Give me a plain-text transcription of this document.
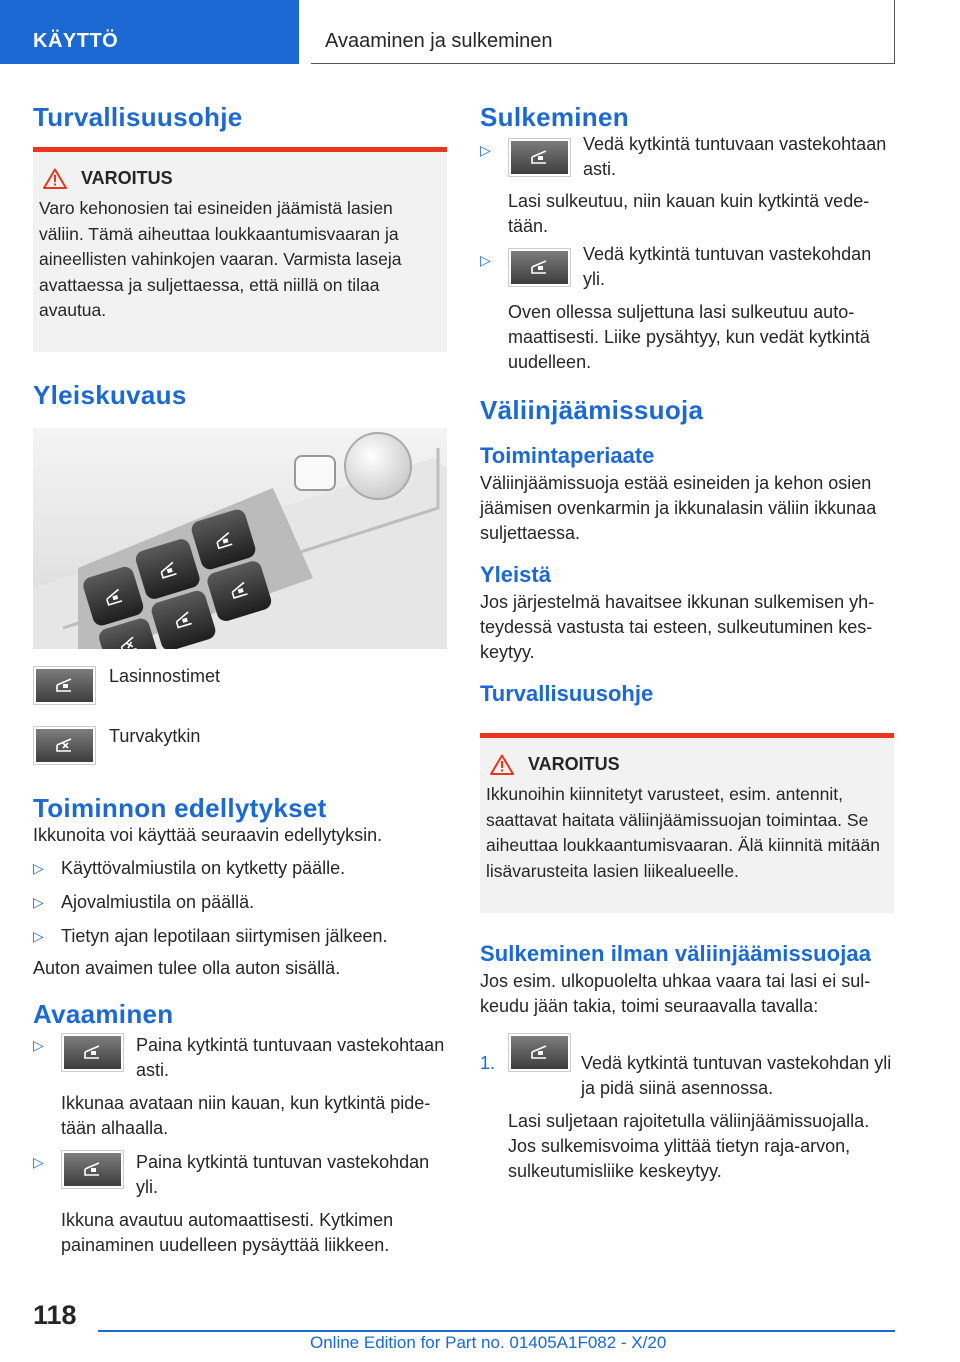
KÄYTTÖ	Avaaminen ja sulkeminen
Turvallisuusohje
VAROITUS

Varo kehonosien tai esineiden jäämistä lasien väliin. Tämä aiheuttaa loukkaantumisvaaran ja aineellisten vahinkojen vaaran. Varmista laseja avattaessa ja suljettaessa, että niillä on tilaa avautua.

Yleiskuvaus

Lasinnostimet

Turvakytkin

Toiminnon edellytykset

Ikkunoita voi käyttää seuraavin edellytyksin.

▷ Käyttövalmiustila on kytketty päälle.

▷ Ajovalmiustila on päällä.

▷ Tietyn ajan lepotilaan siirtymisen jälkeen.

Auton avaimen tulee olla auton sisällä.

Avaaminen
▷	Paina kytkintä tuntuvaan vastekohtaan asti.

Ikkunaa avataan niin kauan, kun kytkintä pidetään alhaalla.

▷	Paina kytkintä tuntuvan vastekohdan yli.

Ikkuna avautuu automaattisesti. Kytkimen painaminen uudelleen pysäyttää liikkeen.

Sulkeminen
▷	Vedä kytkintä tuntuvaan vastekohtaan asti.

Lasi sulkeutuu, niin kauan kuin kytkintä vedetään.

▷	Vedä kytkintä tuntuvan vastekohdan yli.

Oven ollessa suljettuna lasi sulkeutuu automaattisesti. Liike pysähtyy, kun vedät kytkintä uudelleen.

Väliinjäämissuoja
Toimintaperiaate

Väliinjäämissuoja estää esineiden ja kehon osien jäämisen ovenkarmin ja ikkunalasin väliin ikkunaa suljettaessa.

Yleistä

Jos järjestelmä havaitsee ikkunan sulkemisen yhteydessä vastusta tai esteen, sulkeutuminen keskeytyy.

Turvallisuusohje
VAROITUS

Ikkunoihin kiinnitetyt varusteet, esim. antennit, saattavat haitata väliinjäämissuojan toimintaa. Se aiheuttaa loukkaantumisvaaran. Älä kiinnitä mitään lisävarusteita lasien liikealueelle.

Sulkeminen ilman väliinjäämissuojaa

Jos esim. ulkopuolelta uhkaa vaara tai lasi ei sulkeudu jään takia, toimi seuraavalla tavalla:

1.	Vedä kytkintä tuntuvan vastekohdan yli ja pidä siinä asennossa.

Lasi suljetaan rajoitetulla väliinjäämissuojalla. Jos sulkemisvoima ylittää tietyn raja-arvon, sulkeutumisliike keskeytyy.

118
Online Edition for Part no. 01405A1F082 - X/20
